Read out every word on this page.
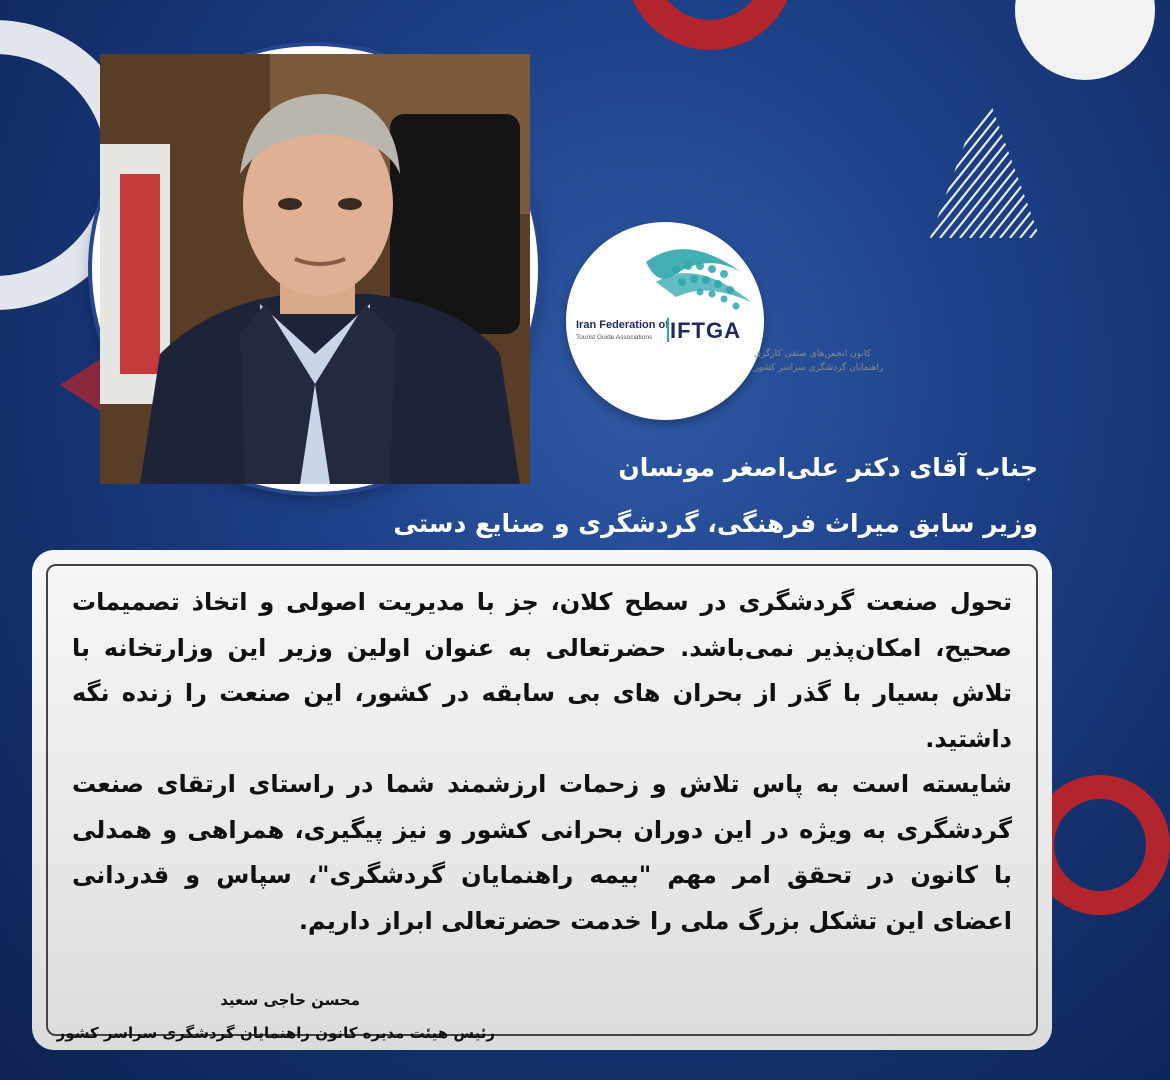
Iran Federation of
Tourist Guide Associations IFTGA
کانون انجمن‌های صنفی کارگری
راهنمایان گردشگری سراسر کشور
جناب آقای دکتر علی‌اصغر مونسان
وزیر سابق میراث فرهنگی، گردشگری و صنایع دستی

تحول صنعت گردشگری در سطح کلان، جز با مدیریت اصولی و اتخاذ تصمیمات صحیح، امکان‌پذیر نمی‌باشد. حضرتعالی به عنوان اولین وزیر این وزارتخانه با تلاش بسیار با گذر از بحران های بی سابقه در کشور، این صنعت را زنده نگه داشتید.

شایسته است به پاس تلاش و زحمات ارزشمند شما در راستای ارتقای صنعت گردشگری به ویژه در این دوران بحرانی کشور و نیز پیگیری، همراهی و همدلی با کانون در تحقق امر مهم "بیمه راهنمایان گردشگری"، سپاس و قدردانی اعضای این تشکل بزرگ ملی را خدمت حضرتعالی ابراز داریم.

محسن حاجی سعید
رئیس هیئت مدیره کانون راهنمایان گردشگری سراسر کشور
